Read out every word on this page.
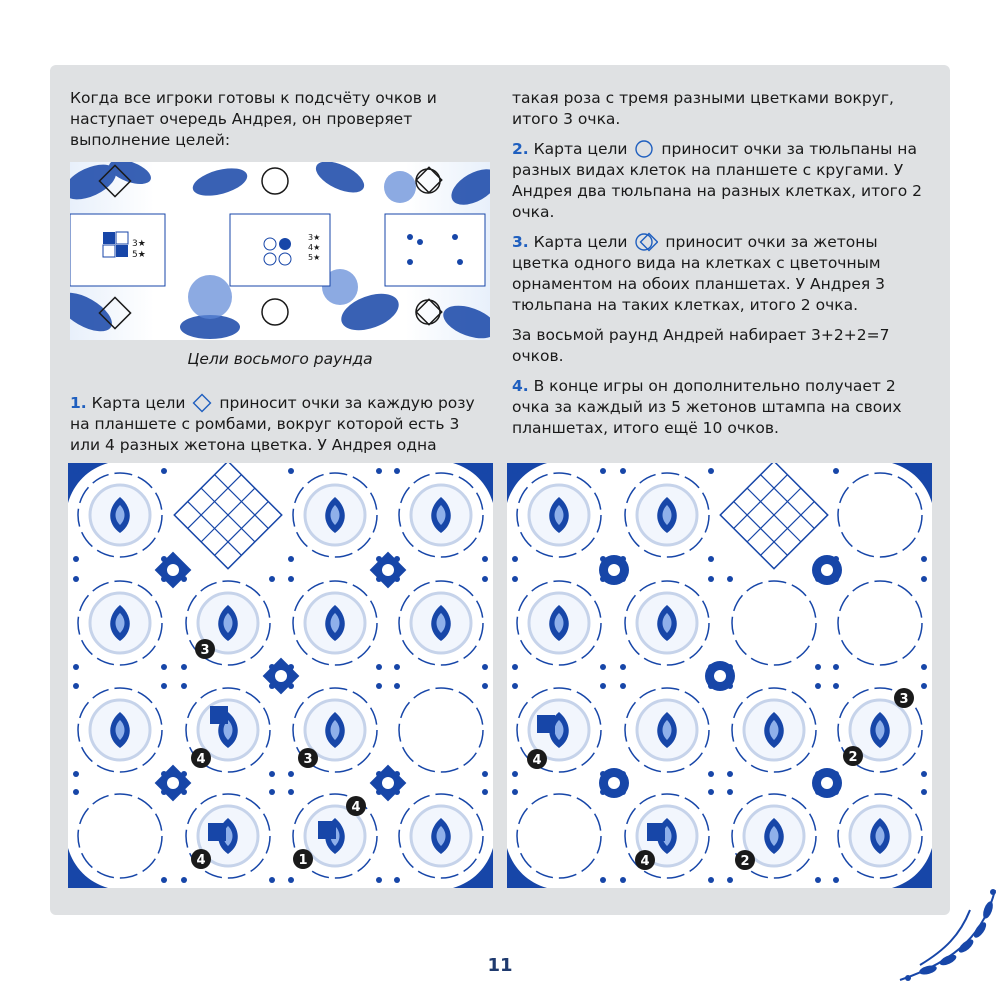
Когда все игроки готовы к подсчёту очков и наступает очередь Андрея, он проверяет выполнение целей:

3★
5★
3★
4★
5★
Цели восьмого раунда

1. Карта цели приносит очки за каждую розу на планшете с ромбами, вокруг которой есть 3 или 4 разных жетона цветка. У Андрея одна

такая роза с тремя разными цветками вокруг, итого 3 очка.

2. Карта цели приносит очки за тюльпаны на разных видах клеток на планшете с кругами. У Андрея два тюльпана на разных клетках, итого 2 очка.

3. Карта цели приносит очки за жетоны цветка одного вида на клетках с цветочным орнаментом на обоих планшетах. У Андрея 3 тюльпана на таких клетках, итого 2 очка.

За восьмой раунд Андрей набирает 3+2+2=7 очков.

4. В конце игры он дополнительно получает 2 очка за каждый из 5 жетонов штампа на своих планшетах, итого ещё 10 очков.

3
4	3
4
4	1
3
4	2
4	2
11
